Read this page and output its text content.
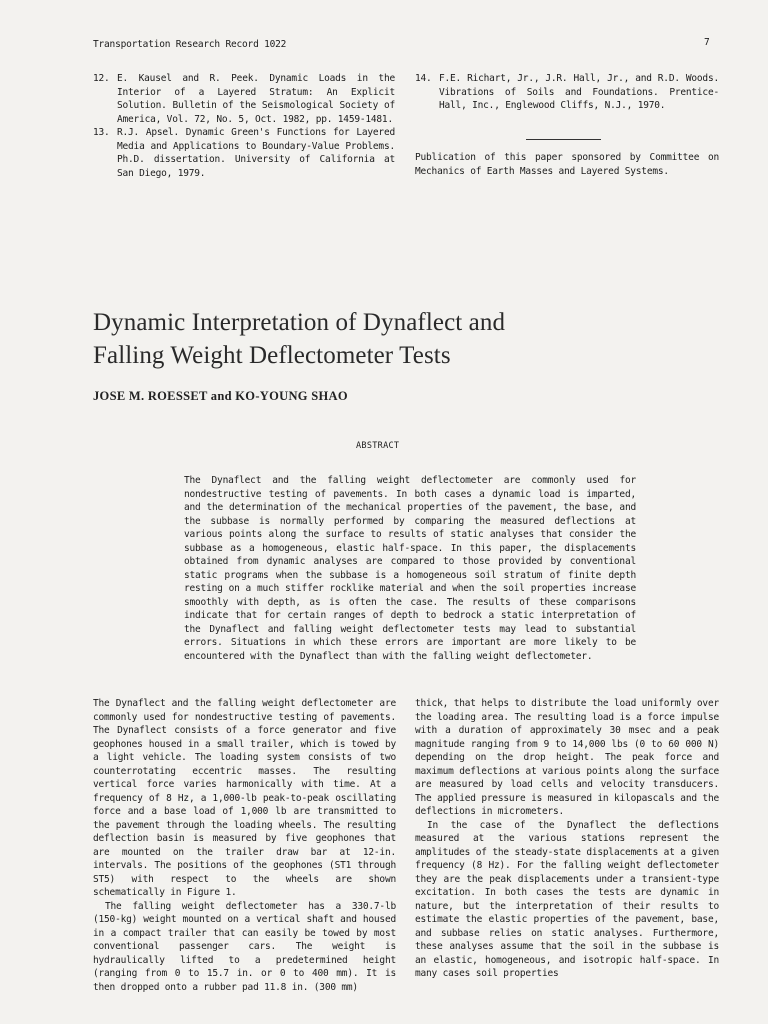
Transportation Research Record 1022	7
12. E. Kausel and R. Peek. Dynamic Loads in the Interior of a Layered Stratum: An Explicit Solution. Bulletin of the Seismological Society of America, Vol. 72, No. 5, Oct. 1982, pp. 1459-1481.
13. R.J. Apsel. Dynamic Green's Functions for Layered Media and Applications to Boundary-Value Problems. Ph.D. dissertation. University of California at San Diego, 1979.
14. F.E. Richart, Jr., J.R. Hall, Jr., and R.D. Woods. Vibrations of Soils and Foundations. Prentice-Hall, Inc., Englewood Cliffs, N.J., 1970.
Publication of this paper sponsored by Committee on Mechanics of Earth Masses and Layered Systems.
Dynamic Interpretation of Dynaflect and
Falling Weight Deflectometer Tests
JOSE M. ROESSET and KO-YOUNG SHAO
ABSTRACT
The Dynaflect and the falling weight deflectometer are commonly used for nondestructive testing of pavements. In both cases a dynamic load is imparted, and the determination of the mechanical properties of the pavement, the base, and the subbase is normally performed by comparing the measured deflections at various points along the surface to results of static analyses that consider the subbase as a homogeneous, elastic half-space. In this paper, the displacements obtained from dynamic analyses are compared to those provided by conventional static programs when the subbase is a homogeneous soil stratum of finite depth resting on a much stiffer rocklike material and when the soil properties increase smoothly with depth, as is often the case. The results of these comparisons indicate that for certain ranges of depth to bedrock a static interpretation of the Dynaflect and falling weight deflectometer tests may lead to substantial errors. Situations in which these errors are important are more likely to be encountered with the Dynaflect than with the falling weight deflectometer.

The Dynaflect and the falling weight deflectometer are commonly used for nondestructive testing of pavements. The Dynaflect consists of a force generator and five geophones housed in a small trailer, which is towed by a light vehicle. The loading system consists of two counterrotating eccentric masses. The resulting vertical force varies harmonically with time. At a frequency of 8 Hz, a 1,000-lb peak-to-peak oscillating force and a base load of 1,000 lb are transmitted to the pavement through the loading wheels. The resulting deflection basin is measured by five geophones that are mounted on the trailer draw bar at 12-in. intervals. The positions of the geophones (ST1 through ST5) with respect to the wheels are shown schematically in Figure 1.

The falling weight deflectometer has a 330.7-lb (150-kg) weight mounted on a vertical shaft and housed in a compact trailer that can easily be towed by most conventional passenger cars. The weight is hydraulically lifted to a predetermined height (ranging from 0 to 15.7 in. or 0 to 400 mm). It is then dropped onto a rubber pad 11.8 in. (300 mm)

thick, that helps to distribute the load uniformly over the loading area. The resulting load is a force impulse with a duration of approximately 30 msec and a peak magnitude ranging from 9 to 14,000 lbs (0 to 60 000 N) depending on the drop height. The peak force and maximum deflections at various points along the surface are measured by load cells and velocity transducers. The applied pressure is measured in kilopascals and the deflections in micrometers.

In the case of the Dynaflect the deflections measured at the various stations represent the amplitudes of the steady-state displacements at a given frequency (8 Hz). For the falling weight deflectometer they are the peak displacements under a transient-type excitation. In both cases the tests are dynamic in nature, but the interpretation of their results to estimate the elastic properties of the pavement, base, and subbase relies on static analyses. Furthermore, these analyses assume that the soil in the subbase is an elastic, homogeneous, and isotropic half-space. In many cases soil properties
